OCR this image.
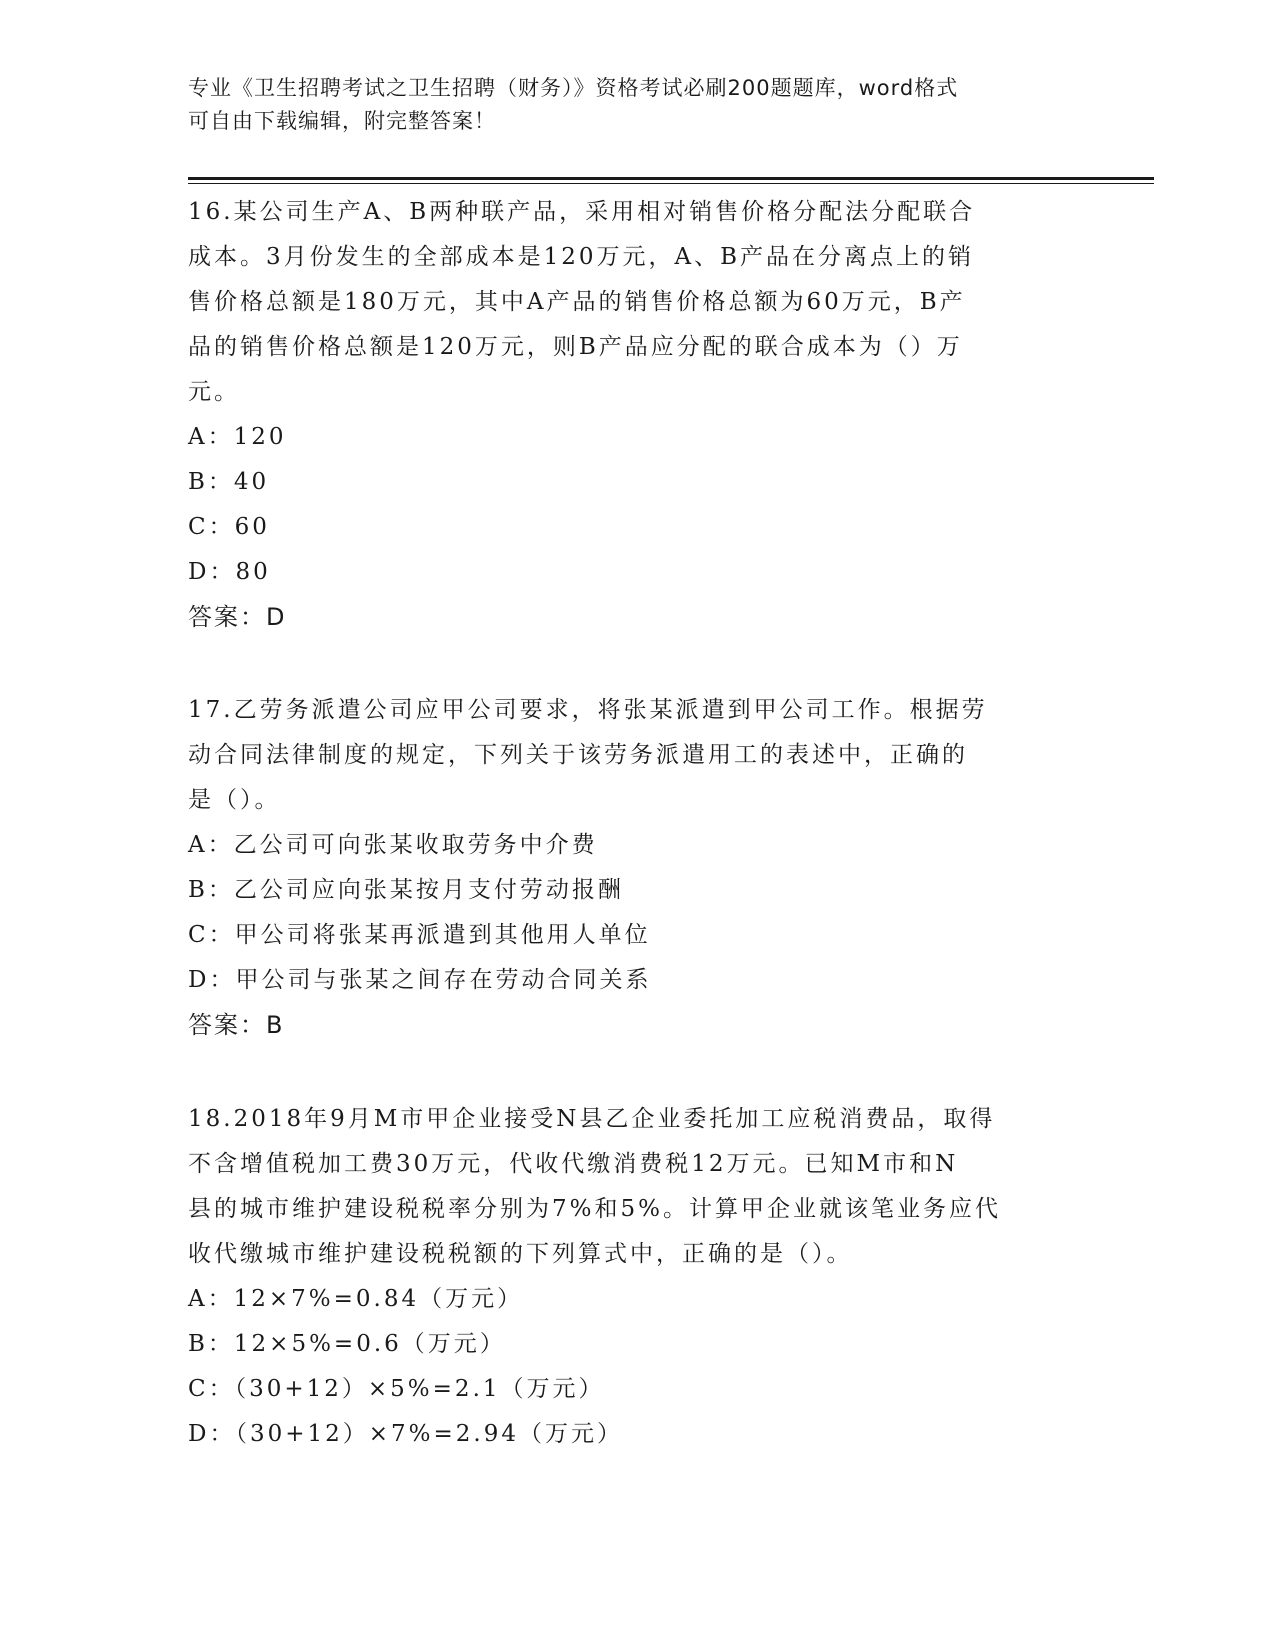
专业《卫生招聘考试之卫生招聘（财务）》资格考试必刷200题题库，word格式
可自由下载编辑，附完整答案！

16.某公司生产A、B两种联产品，采用相对销售价格分配法分配联合

成本。3月份发生的全部成本是120万元，A、B产品在分离点上的销

售价格总额是180万元，其中A产品的销售价格总额为60万元，B产

品的销售价格总额是120万元，则B产品应分配的联合成本为（）万

元。

A：120

B：40

C：60

D：80

答案：D

17.乙劳务派遣公司应甲公司要求，将张某派遣到甲公司工作。根据劳

动合同法律制度的规定，下列关于该劳务派遣用工的表述中，正确的

是（）。

A：乙公司可向张某收取劳务中介费

B：乙公司应向张某按月支付劳动报酬

C：甲公司将张某再派遣到其他用人单位

D：甲公司与张某之间存在劳动合同关系

答案：B

18.2018年9月M市甲企业接受N县乙企业委托加工应税消费品，取得

不含增值税加工费30万元，代收代缴消费税12万元。已知M市和N

县的城市维护建设税税率分别为7%和5%。计算甲企业就该笔业务应代

收代缴城市维护建设税税额的下列算式中，正确的是（）。

A：12×7%=0.84（万元）

B：12×5%=0.6（万元）

C：（30+12）×5%=2.1（万元）

D：（30+12）×7%=2.94（万元）
